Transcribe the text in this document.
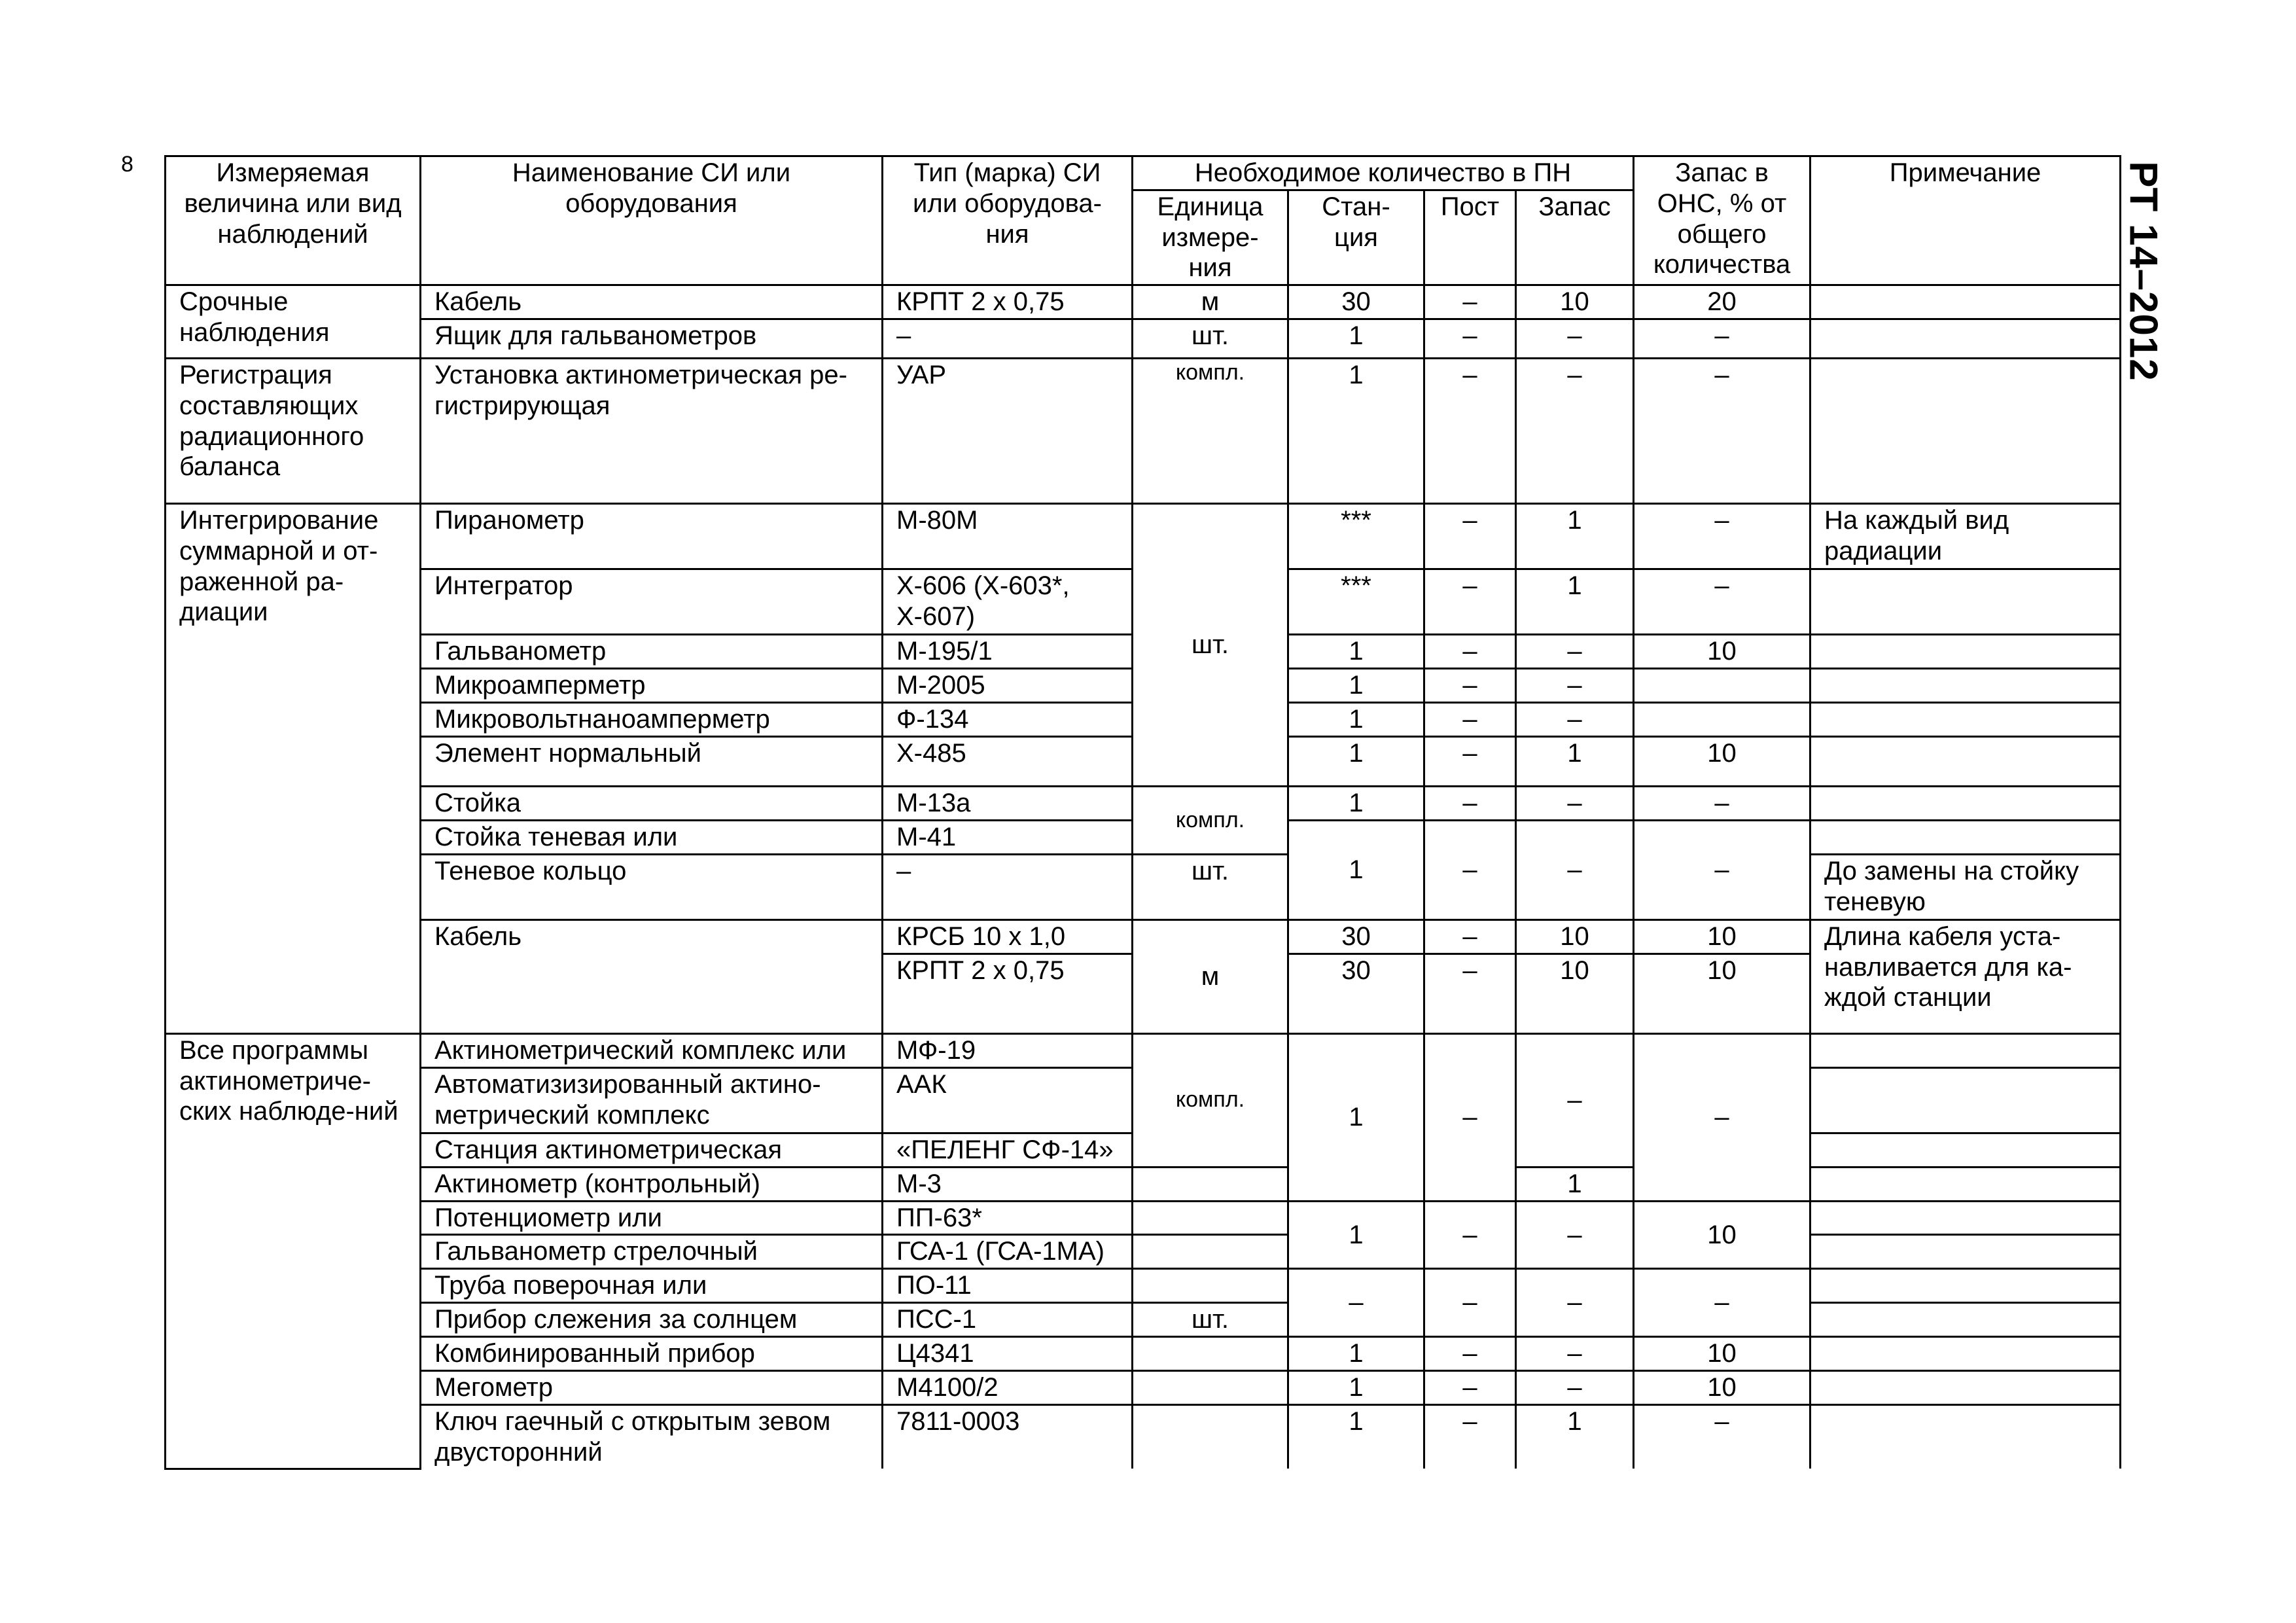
8	РТ 14–2012
Измеряемая величина или вид наблюдений	Наименование СИ или оборудования	Тип (марка) СИ или оборудова-ния	Необходимое количество в ПН				Запас в ОНС, % от общего количества	Примечание
			Единица измере-ния	Стан-ция	Пост	Запас		
Срочные наблюдения	Кабель	КРПТ 2 х 0,75	м	30	–	10	20	
	Ящик для гальванометров	–	шт.	1	–	–	–	
Регистрация составляющих радиационного баланса	Установка актинометрическая ре-гистрирующая	УАР	компл.	1	–	–	–	
Интегрирование суммарной и от-раженной ра-диации	Пиранометр	М-80М	шт.	***	–	1	–	На каждый вид радиации
	Интегратор	Х-606 (Х-603*, Х-607)		***	–	1	–	
	Гальванометр	М-195/1		1	–	–	10	
	Микроамперметр	М-2005		1	–	–		
	Микровольтнаноамперметр	Ф-134		1	–	–		
	Элемент нормальный	Х-485		1	–	1	10	
	Стойка	М-13а	компл.	1	–	–	–	
	Стойка теневая или	М-41		1	–	–	–	
	Теневое кольцо	–	шт.					До замены на стойку теневую
	Кабель	КРСБ 10 х 1,0	м	30	–	10	10	Длина кабеля уста-навливается для ка-ждой станции
		КРПТ 2 х 0,75		30	–	10	10	
Все программы актинометриче-ских наблюде-ний	Актинометрический комплекс или	МФ-19	компл.	1	–	–	–	
	Автоматизизированный актино-метрический комплекс	ААК						
	Станция актинометрическая	«ПЕЛЕНГ СФ-14»						
	Актинометр (контрольный)	М-3				1		
	Потенциометр или	ПП-63*		1	–	–	10	
	Гальванометр стрелочный	ГСА-1 (ГСА-1МА)						
	Труба поверочная или	ПО-11		–	–	–	–	
	Прибор слежения за солнцем	ПСС-1	шт.					
	Комбинированный прибор	Ц4341		1	–	–	10	
	Мегометр	М4100/2		1	–	–	10	
	Ключ гаечный с открытым зевом двусторонний	7811-0003		1	–	1	–	
